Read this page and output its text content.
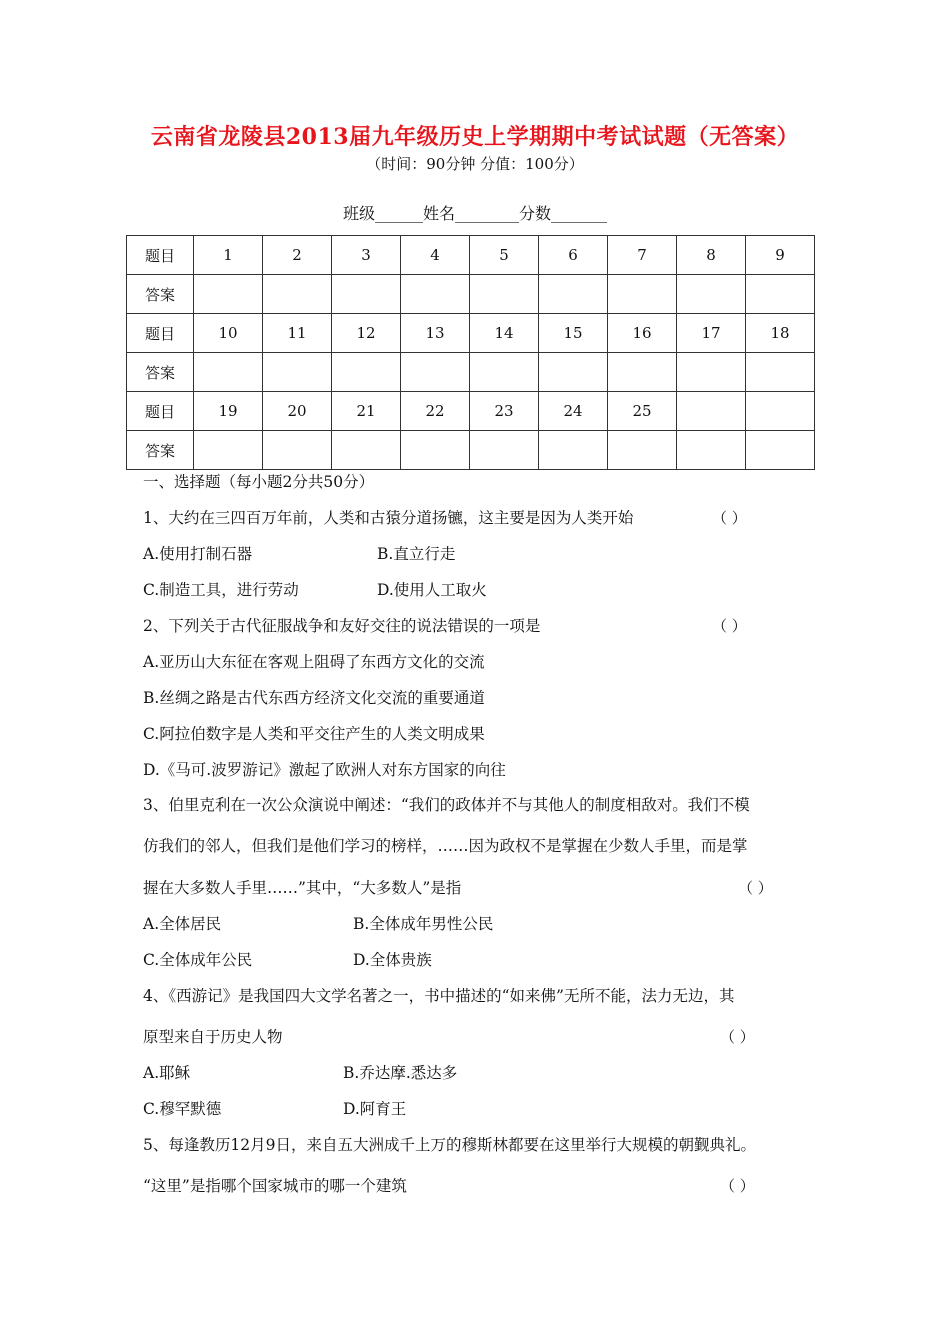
云南省龙陵县2013届九年级历史上学期期中考试试题（无答案）
（时间：90分钟 分值：100分）
班级______姓名________分数_______
题目	1	2	3	4	5	6	7	8	9
答案									
题目	10	11	12	13	14	15	16	17	18
答案									
题目	19	20	21	22	23	24	25		
答案									
一、选择题（每小题2分共50分）
1、大约在三四百万年前，人类和古猿分道扬镳，这主要是因为人类开始	（ ）
A.使用打制石器	B.直立行走
C.制造工具，进行劳动	D.使用人工取火
2、下列关于古代征服战争和友好交往的说法错误的一项是	（ ）
A.亚历山大东征在客观上阻碍了东西方文化的交流
B.丝绸之路是古代东西方经济文化交流的重要通道
C.阿拉伯数字是人类和平交往产生的人类文明成果
D.《马可.波罗游记》激起了欧洲人对东方国家的向往
3、伯里克利在一次公众演说中阐述：“我们的政体并不与其他人的制度相敌对。我们不模
仿我们的邻人，但我们是他们学习的榜样，……因为政权不是掌握在少数人手里，而是掌
握在大多数人手里……”其中，“大多数人”是指	（ ）
A.全体居民	B.全体成年男性公民
C.全体成年公民	D.全体贵族
4、《西游记》是我国四大文学名著之一，书中描述的“如来佛”无所不能，法力无边，其
原型来自于历史人物	（ ）
A.耶稣	B.乔达摩.悉达多
C.穆罕默德	D.阿育王
5、每逢教历12月9日，来自五大洲成千上万的穆斯林都要在这里举行大规模的朝觐典礼。
“这里”是指哪个国家城市的哪一个建筑	（ ）
